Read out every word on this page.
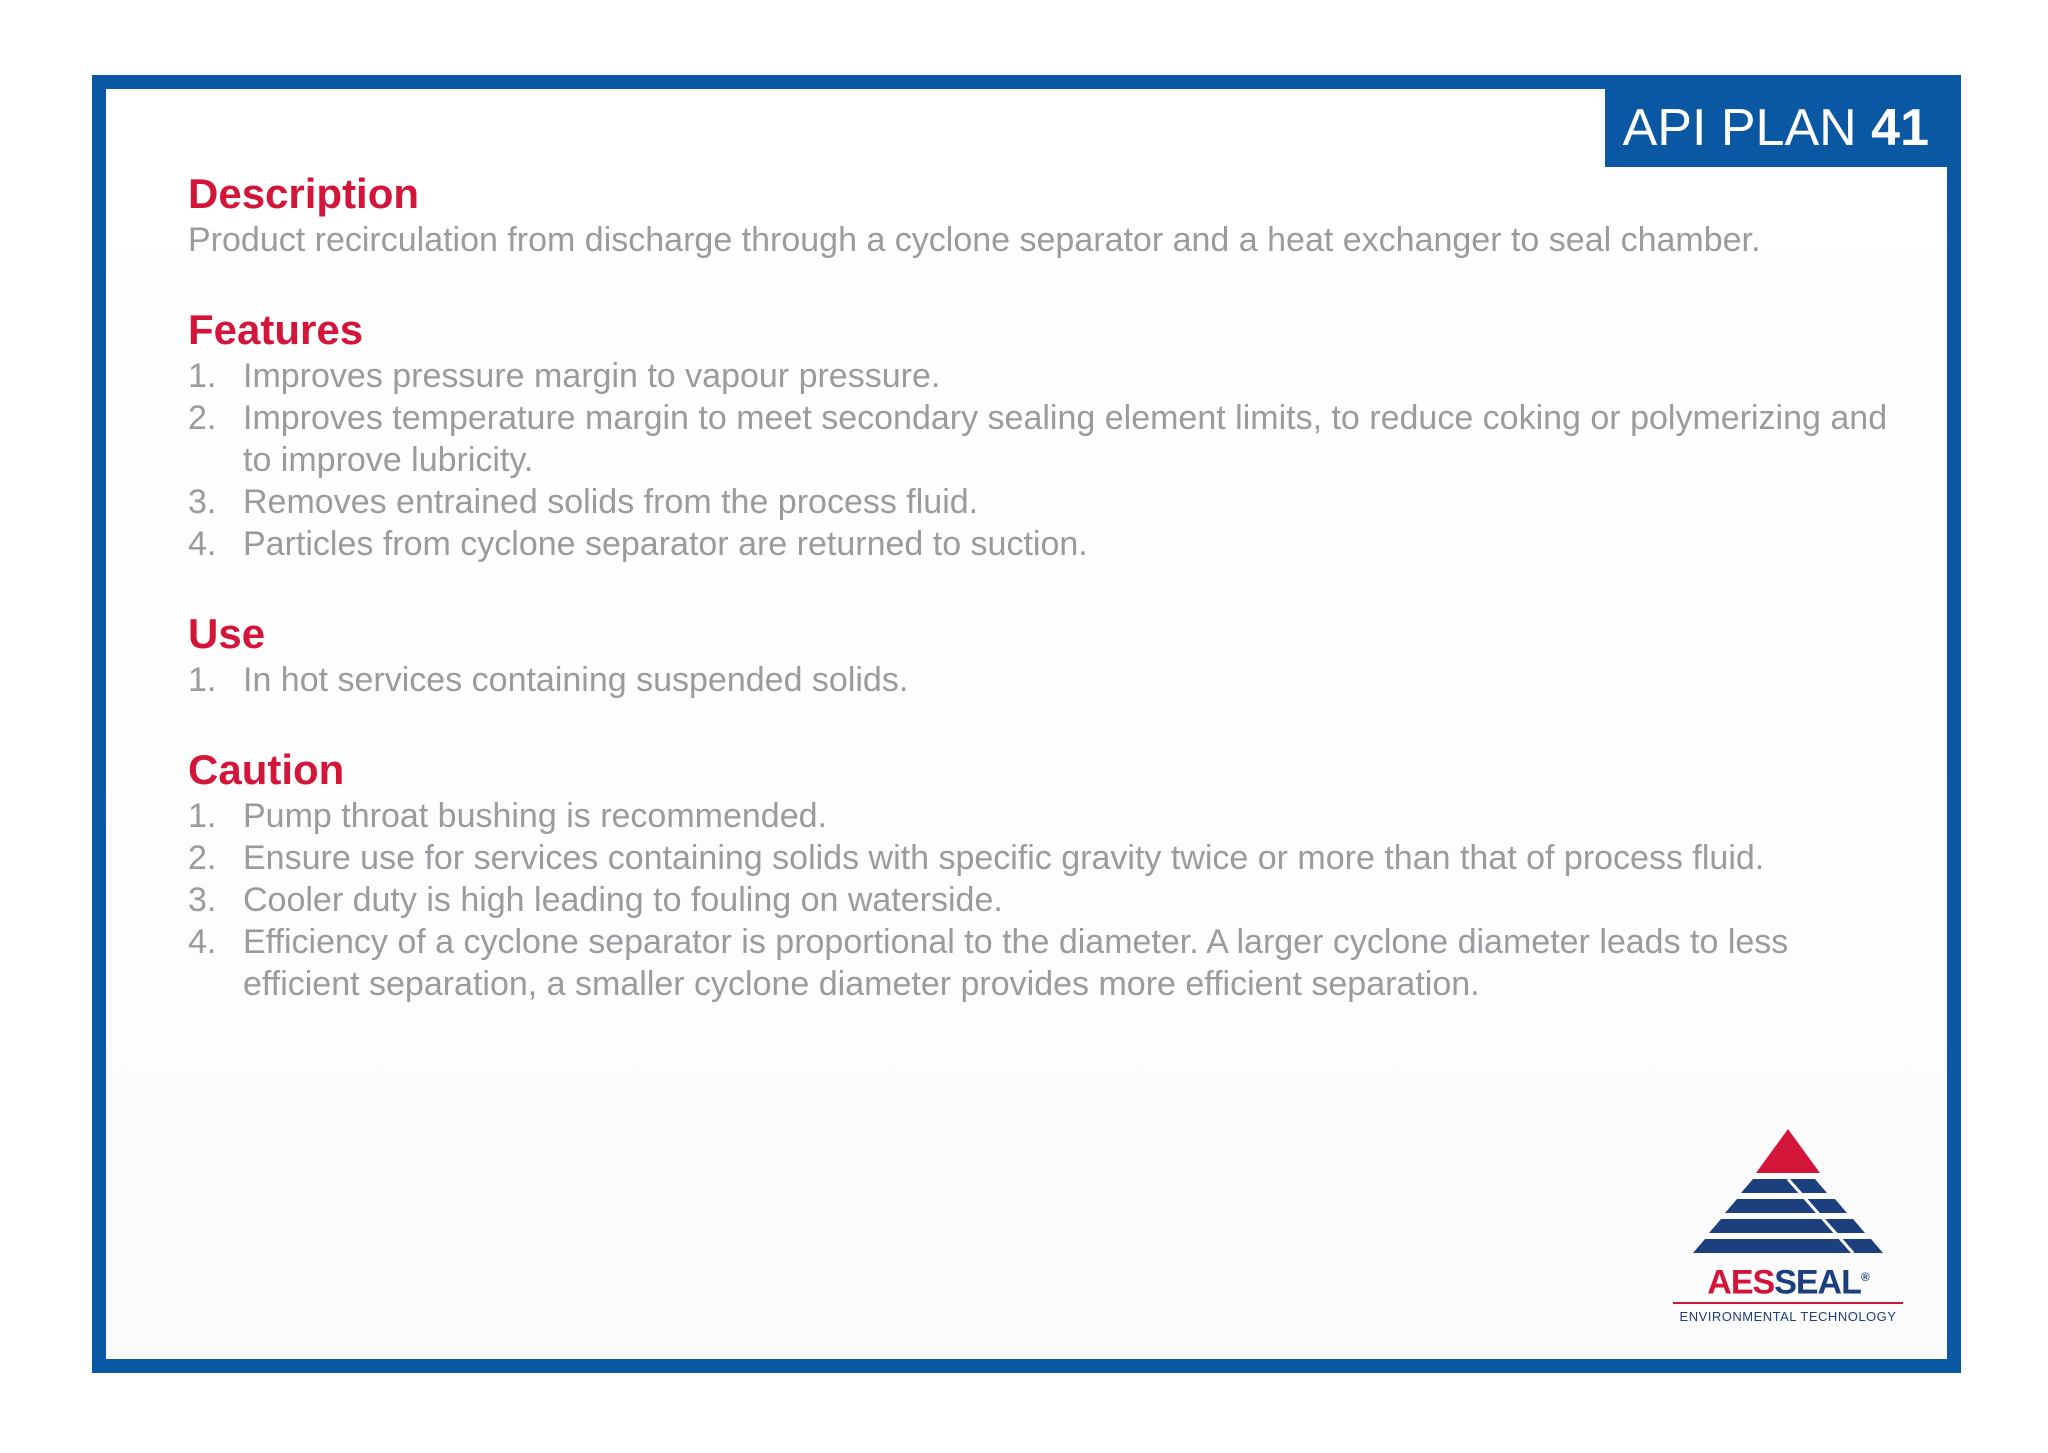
API PLAN 41
Description

Product recirculation from discharge through a cyclone separator and a heat exchanger to seal chamber.

Features
1. Improves pressure margin to vapour pressure.
2. Improves temperature margin to meet secondary sealing element limits, to reduce coking or polymerizing and to improve lubricity.
3. Removes entrained solids from the process fluid.
4. Particles from cyclone separator are returned to suction.
Use
1. In hot services containing suspended solids.
Caution
1. Pump throat bushing is recommended.
2. Ensure use for services containing solids with specific gravity twice or more than that of process fluid.
3. Cooler duty is high leading to fouling on waterside.
4. Efficiency of a cyclone separator is proportional to the diameter. A larger cyclone diameter leads to less efficient separation, a smaller cyclone diameter provides more efficient separation.
AESSEAL®
ENVIRONMENTAL TECHNOLOGY
